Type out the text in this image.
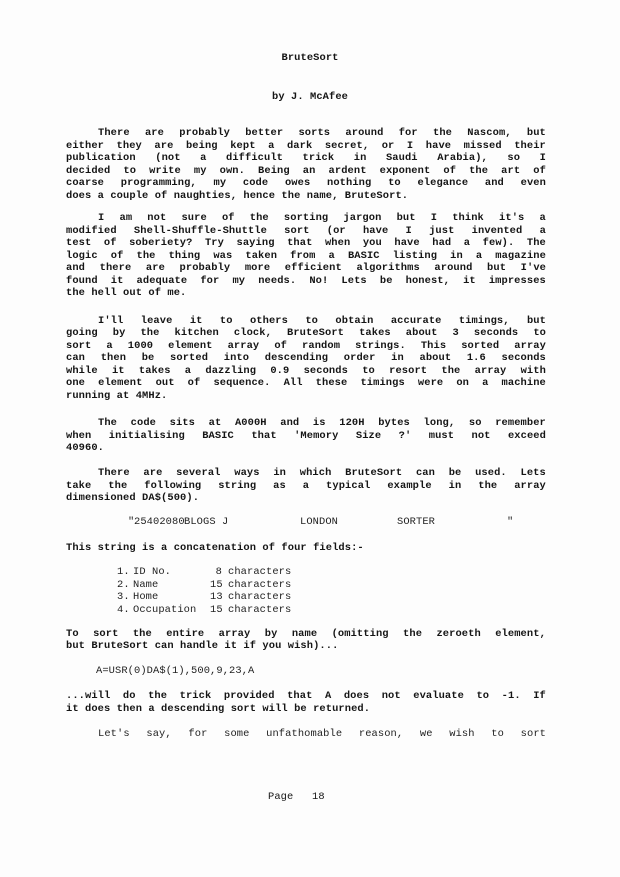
BruteSort
by J. McAfee
There are probably better sorts around for the Nascom, but
either they are being kept a dark secret, or I have missed their
publication (not a difficult trick in Saudi Arabia), so I
decided to write my own. Being an ardent exponent of the art of
coarse programming, my code owes nothing to elegance and even
does a couple of naughties, hence the name, BruteSort.
I am not sure of the sorting jargon but I think it's a
modified Shell-Shuffle-Shuttle sort (or have I just invented a
test of soberiety? Try saying that when you have had a few). The
logic of the thing was taken from a BASIC listing in a magazine
and there are probably more efficient algorithms around but I've
found it adequate for my needs. No! Lets be honest, it impresses
the hell out of me.
I'll leave it to others to obtain accurate timings, but
going by the kitchen clock, BruteSort takes about 3 seconds to
sort a 1000 element array of random strings. This sorted array
can then be sorted into descending order in about 1.6 seconds
while it takes a dazzling 0.9 seconds to resort the array with
one element out of sequence. All these timings were on a machine
running at 4MHz.
The code sits at A000H and is 120H bytes long, so remember
when initialising BASIC that 'Memory Size ?' must not exceed
40960.
There are several ways in which BruteSort can be used. Lets
take the following string as a typical example in the array
dimensioned DA$(500).
" 25402080 BLOGS J	LONDON	SORTER	"
This string is a concatenation of four fields:-
1. ID No.	8 characters
2. Name	15 characters
3. Home	13 characters
4. Occupation 15 characters
To sort the entire array by name (omitting the zeroeth element,
but BruteSort can handle it if you wish)...
A=USR(0)DA$(1),500,9,23,A
...will do the trick provided that A does not evaluate to -1. If
it does then a descending sort will be returned.
Let's say, for some unfathomable reason, we wish to sort
Page 18
